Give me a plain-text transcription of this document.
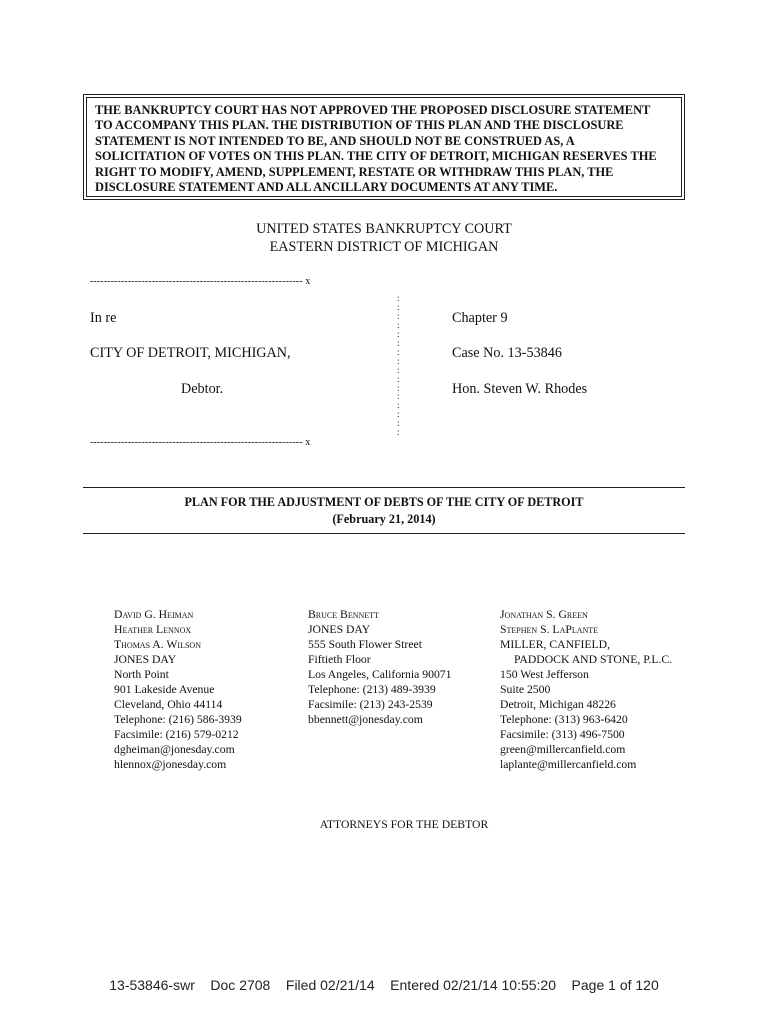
THE BANKRUPTCY COURT HAS NOT APPROVED THE PROPOSED DISCLOSURE STATEMENT
TO ACCOMPANY THIS PLAN. THE DISTRIBUTION OF THIS PLAN AND THE DISCLOSURE
STATEMENT IS NOT INTENDED TO BE, AND SHOULD NOT BE CONSTRUED AS, A
SOLICITATION OF VOTES ON THIS PLAN. THE CITY OF DETROIT, MICHIGAN RESERVES THE
RIGHT TO MODIFY, AMEND, SUPPLEMENT, RESTATE OR WITHDRAW THIS PLAN, THE
DISCLOSURE STATEMENT AND ALL ANCILLARY DOCUMENTS AT ANY TIME.
UNITED STATES BANKRUPTCY COURT
EASTERN DISTRICT OF MICHIGAN
-------------------------------------------------------------- x
:
:
:
:
:
:
:
:
:
:
:
:
:
:
:
:
In re
CITY OF DETROIT, MICHIGAN,
Debtor.
Chapter 9
Case No. 13-53846
Hon. Steven W. Rhodes
-------------------------------------------------------------- x
PLAN FOR THE ADJUSTMENT OF DEBTS OF THE CITY OF DETROIT
(February 21, 2014)
David G. Heiman
Heather Lennox
Thomas A. Wilson
JONES DAY
North Point
901 Lakeside Avenue
Cleveland, Ohio 44114
Telephone: (216) 586-3939
Facsimile: (216) 579-0212
dgheiman@jonesday.com
hlennox@jonesday.com
Bruce Bennett
JONES DAY
555 South Flower Street
Fiftieth Floor
Los Angeles, California 90071
Telephone: (213) 489-3939
Facsimile: (213) 243-2539
bbennett@jonesday.com
Jonathan S. Green
Stephen S. LaPlante
MILLER, CANFIELD,
PADDOCK AND STONE, P.L.C.
150 West Jefferson
Suite 2500
Detroit, Michigan 48226
Telephone: (313) 963-6420
Facsimile: (313) 496-7500
green@millercanfield.com
laplante@millercanfield.com
ATTORNEYS FOR THE DEBTOR
13-53846-swr    Doc 2708    Filed 02/21/14    Entered 02/21/14 10:55:20    Page 1 of 120
